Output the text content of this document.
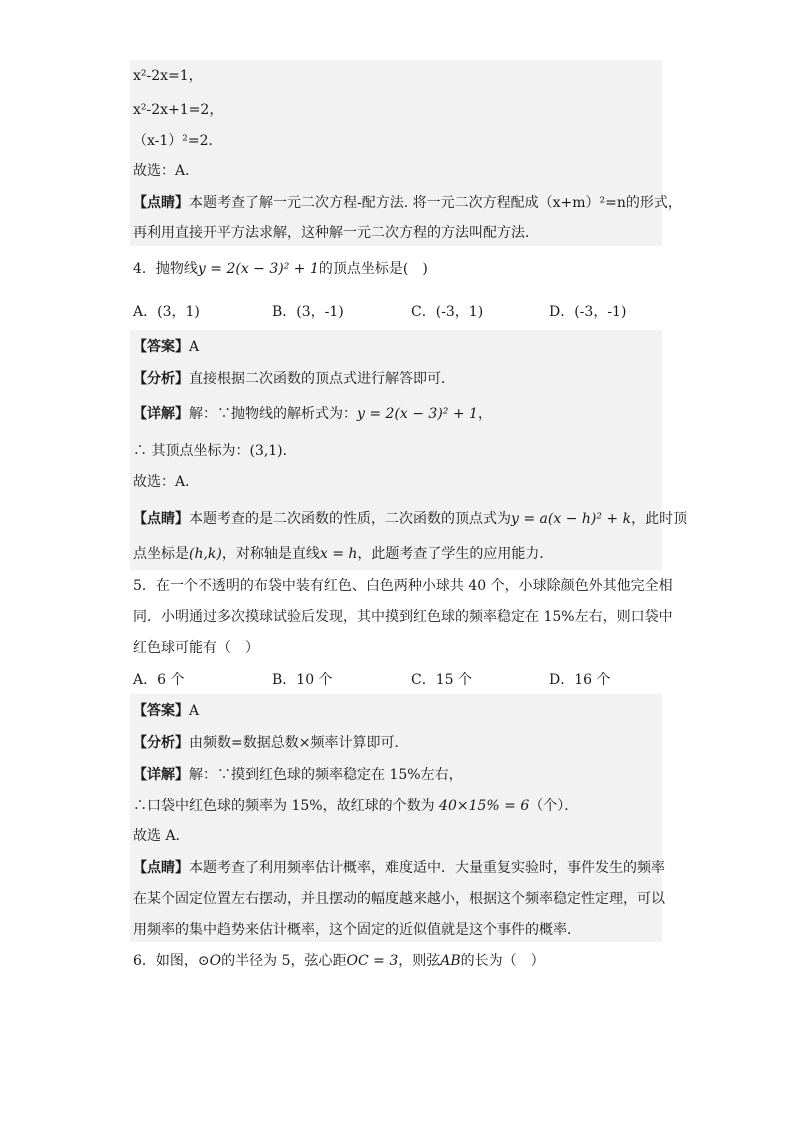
x²-2x=1，
x²-2x+1=2，
（x-1）²=2．
故选：A．
【点睛】本题考查了解一元二次方程-配方法. 将一元二次方程配成（x+m）²=n的形式，
再利用直接开平方法求解，这种解一元二次方程的方法叫配方法．
4．抛物线y = 2(x − 3)² + 1的顶点坐标是(　)
A．(3，1)	B．(3，-1)	C．(-3，1)	D．(-3，-1)
【答案】A
【分析】直接根据二次函数的顶点式进行解答即可．
【详解】解：∵抛物线的解析式为：y = 2(x − 3)² + 1，
∴ 其顶点坐标为：(3,1)．
故选：A．
【点睛】本题考查的是二次函数的性质，二次函数的顶点式为y = a(x − h)² + k，此时顶
点坐标是(h,k)，对称轴是直线x = h，此题考查了学生的应用能力．
5．在一个不透明的布袋中装有红色、白色两种小球共 40 个，小球除颜色外其他完全相
同．小明通过多次摸球试验后发现，其中摸到红色球的频率稳定在 15%左右，则口袋中
红色球可能有（　）
A．6 个	B．10 个	C．15 个	D．16 个
【答案】A
【分析】由频数=数据总数×频率计算即可．
【详解】解：∵摸到红色球的频率稳定在 15%左右，
∴口袋中红色球的频率为 15%，故红球的个数为 40×15% = 6（个）．
故选 A．
【点睛】本题考查了利用频率估计概率，难度适中．大量重复实验时，事件发生的频率
在某个固定位置左右摆动，并且摆动的幅度越来越小，根据这个频率稳定性定理，可以
用频率的集中趋势来估计概率，这个固定的近似值就是这个事件的概率．
6．如图，⊙O的半径为 5，弦心距OC = 3，则弦AB的长为（　）
